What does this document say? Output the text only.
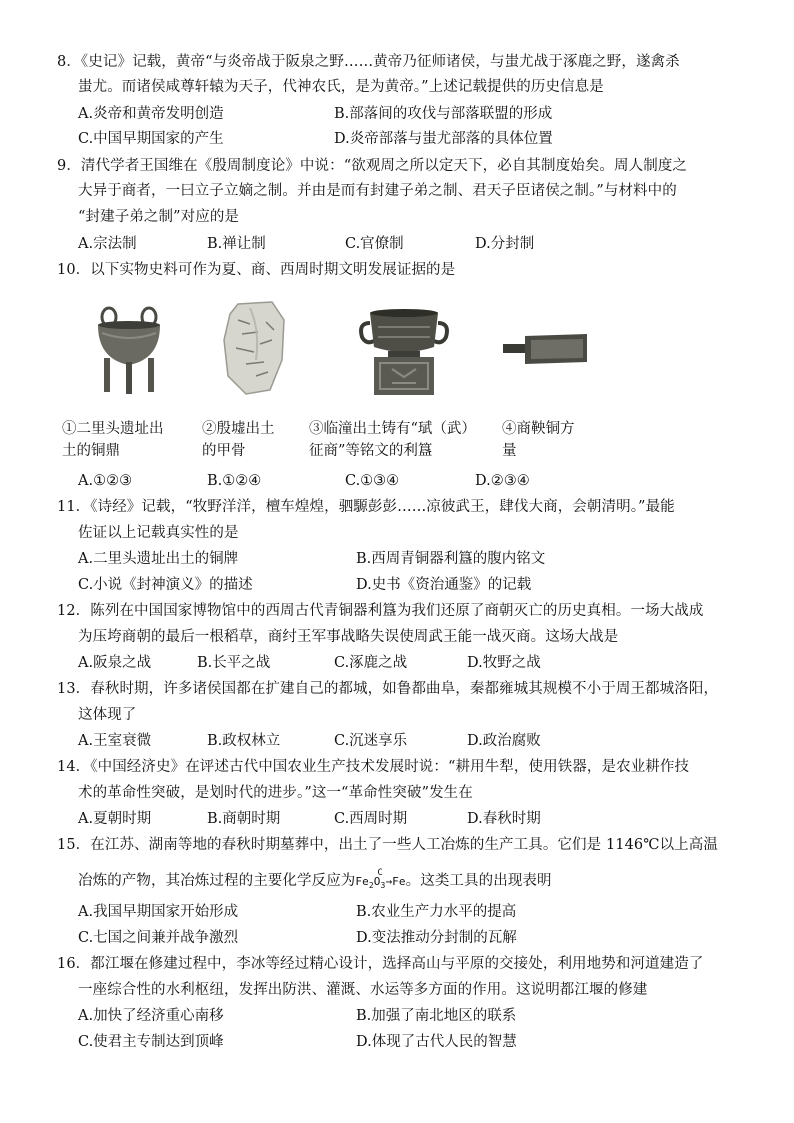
8．《史记》记载，黄帝“与炎帝战于阪泉之野……黄帝乃征师诸侯，与蚩尤战于涿鹿之野，遂禽杀
蚩尤。而诸侯咸尊轩辕为天子，代神农氏，是为黄帝。”上述记载提供的历史信息是
A.炎帝和黄帝发明创造	B.部落间的攻伐与部落联盟的形成
C.中国早期国家的产生	D.炎帝部落与蚩尤部落的具体位置
9．清代学者王国维在《殷周制度论》中说：“欲观周之所以定天下，必自其制度始矣。周人制度之
大异于商者，一曰立子立嫡之制。并由是而有封建子弟之制、君天子臣诸侯之制。”与材料中的
“封建子弟之制”对应的是
A.宗法制	B.禅让制	C.官僚制	D.分封制
10．以下实物史料可作为夏、商、西周时期文明发展证据的是
①二里头遗址出
土的铜鼎
②殷墟出土
的甲骨
③临潼出土铸有“珷（武）
征商”等铭文的利簋
④商鞅铜方
量
A.①②③	B.①②④	C.①③④	D.②③④
11．《诗经》记载，“牧野洋洋，檀车煌煌，驷騵彭彭……凉彼武王，肆伐大商，会朝清明。”最能
佐证以上记载真实性的是
A.二里头遗址出土的铜牌	B.西周青铜器利簋的腹内铭文
C.小说《封神演义》的描述	D.史书《资治通鉴》的记载
12．陈列在中国国家博物馆中的西周古代青铜器利簋为我们还原了商朝灭亡的历史真相。一场大战成
为压垮商朝的最后一根稻草，商纣王军事战略失误使周武王能一战灭商。这场大战是
A.阪泉之战	B.长平之战	C.涿鹿之战	D.牧野之战
13．春秋时期，许多诸侯国都在扩建自己的都城，如鲁都曲阜，秦都雍城其规模不小于周王都城洛阳，
这体现了
A.王室衰微	B.政权林立	C.沉迷享乐	D.政治腐败
14．《中国经济史》在评述古代中国农业生产技术发展时说：“耕用牛犁，使用铁器，是农业耕作技
术的革命性突破，是划时代的进步。”这一“革命性突破”发生在
A.夏朝时期	B.商朝时期	C.西周时期	D.春秋时期
15．在江苏、湖南等地的春秋时期墓葬中，出土了一些人工冶炼的生产工具。它们是 1146℃以上高温
冶炼的产物，其冶炼过程的主要化学反应为$Fe_2O_3$
C
→Fe。这类工具的出现表明
A.我国早期国家开始形成	B.农业生产力水平的提高
C.七国之间兼并战争激烈	D.变法推动分封制的瓦解
16．都江堰在修建过程中，李冰等经过精心设计，选择高山与平原的交接处，利用地势和河道建造了
一座综合性的水利枢纽，发挥出防洪、灌溉、水运等多方面的作用。这说明都江堰的修建
A.加快了经济重心南移	B.加强了南北地区的联系
C.使君主专制达到顶峰	D.体现了古代人民的智慧
